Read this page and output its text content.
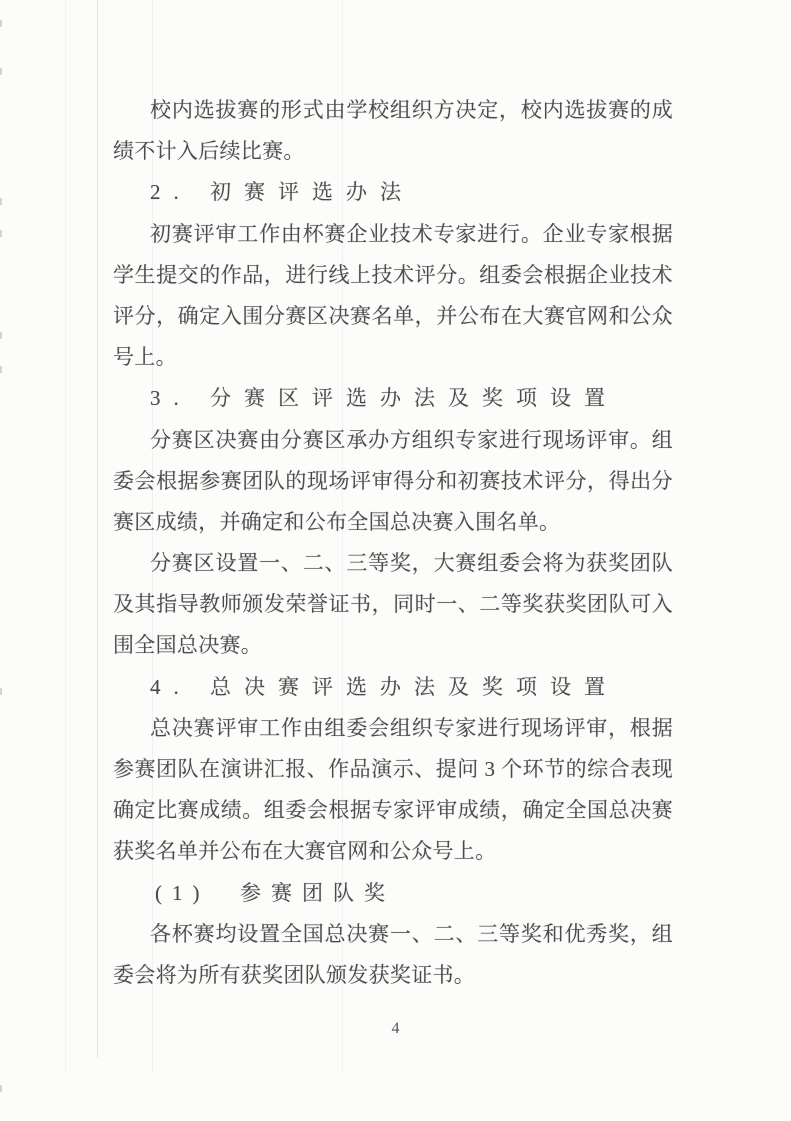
校内选拔赛的形式由学校组织方决定，校内选拔赛的成
绩不计入后续比赛。
2. 初赛评选办法
初赛评审工作由杯赛企业技术专家进行。企业专家根据
学生提交的作品，进行线上技术评分。组委会根据企业技术
评分，确定入围分赛区决赛名单，并公布在大赛官网和公众
号上。
3. 分赛区评选办法及奖项设置
分赛区决赛由分赛区承办方组织专家进行现场评审。组
委会根据参赛团队的现场评审得分和初赛技术评分，得出分
赛区成绩，并确定和公布全国总决赛入围名单。
分赛区设置一、二、三等奖，大赛组委会将为获奖团队
及其指导教师颁发荣誉证书，同时一、二等奖获奖团队可入
围全国总决赛。
4. 总决赛评选办法及奖项设置
总决赛评审工作由组委会组织专家进行现场评审，根据
参赛团队在演讲汇报、作品演示、提问 3 个环节的综合表现
确定比赛成绩。组委会根据专家评审成绩，确定全国总决赛
获奖名单并公布在大赛官网和公众号上。
(1)  参赛团队奖
各杯赛均设置全国总决赛一、二、三等奖和优秀奖，组
委会将为所有获奖团队颁发获奖证书。
4
